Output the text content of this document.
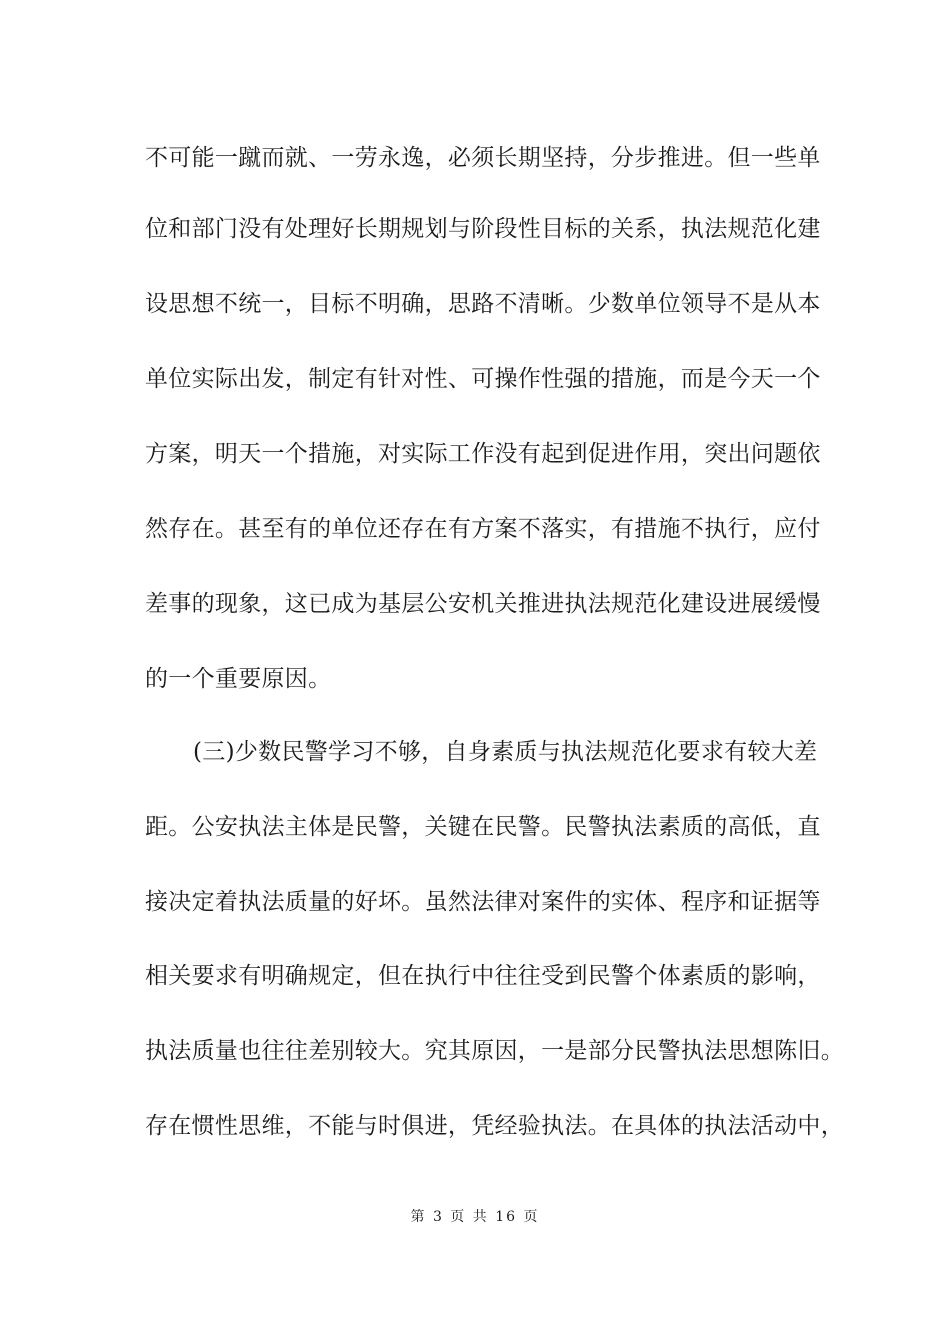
不可能一蹴而就、一劳永逸，必须长期坚持，分步推进。但一些单
位和部门没有处理好长期规划与阶段性目标的关系，执法规范化建
设思想不统一，目标不明确，思路不清晰。少数单位领导不是从本
单位实际出发，制定有针对性、可操作性强的措施，而是今天一个
方案，明天一个措施，对实际工作没有起到促进作用，突出问题依
然存在。甚至有的单位还存在有方案不落实，有措施不执行，应付
差事的现象，这已成为基层公安机关推进执法规范化建设进展缓慢
的一个重要原因。
(三)少数民警学习不够，自身素质与执法规范化要求有较大差
距。公安执法主体是民警，关键在民警。民警执法素质的高低，直
接决定着执法质量的好坏。虽然法律对案件的实体、程序和证据等
相关要求有明确规定，但在执行中往往受到民警个体素质的影响，
执法质量也往往差别较大。究其原因，一是部分民警执法思想陈旧。
存在惯性思维，不能与时俱进，凭经验执法。在具体的执法活动中，
第 3 页 共 16 页
